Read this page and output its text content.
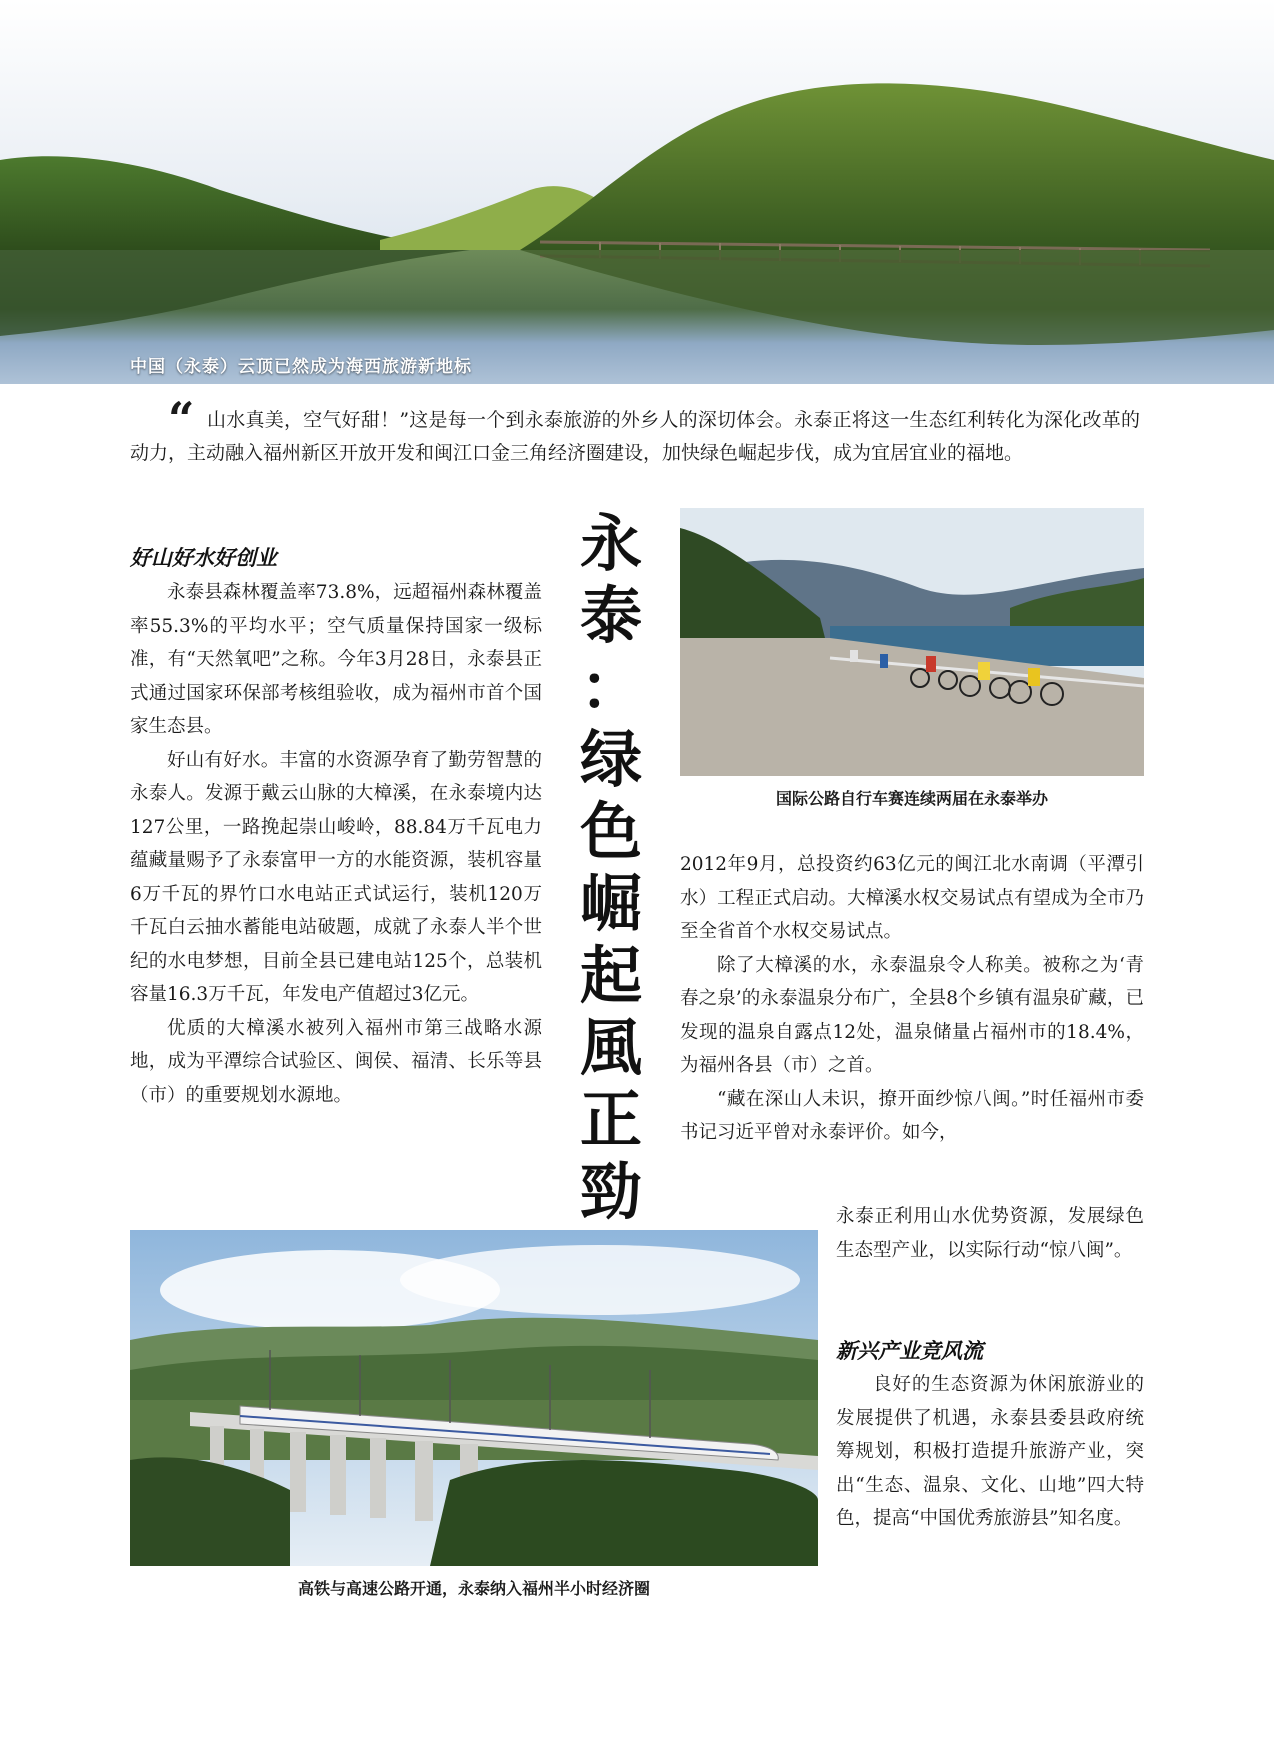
中国（永泰）云顶已然成为海西旅游新地标
“ 山水真美，空气好甜！”这是每一个到永泰旅游的外乡人的深切体会。永泰正将这一生态红利转化为深化改革的动力，主动融入福州新区开放开发和闽江口金三角经济圈建设，加快绿色崛起步伐，成为宜居宜业的福地。

永
泰
：
绿
色
崛
起
風
正
勁
好山好水好创业

永泰县森林覆盖率73.8%，远超福州森林覆盖率55.3%的平均水平；空气质量保持国家一级标准，有“天然氧吧”之称。今年3月28日，永泰县正式通过国家环保部考核组验收，成为福州市首个国家生态县。

好山有好水。丰富的水资源孕育了勤劳智慧的永泰人。发源于戴云山脉的大樟溪，在永泰境内达127公里，一路挽起崇山峻岭，88.84万千瓦电力蕴藏量赐予了永泰富甲一方的水能资源，装机容量6万千瓦的界竹口水电站正式试运行，装机120万千瓦白云抽水蓄能电站破题，成就了永泰人半个世纪的水电梦想，目前全县已建电站125个，总装机容量16.3万千瓦，年发电产值超过3亿元。

优质的大樟溪水被列入福州市第三战略水源地，成为平潭综合试验区、闽侯、福清、长乐等县（市）的重要规划水源地。

国际公路自行车赛连续两届在永泰举办

2012年9月，总投资约63亿元的闽江北水南调（平潭引水）工程正式启动。大樟溪水权交易试点有望成为全市乃至全省首个水权交易试点。

除了大樟溪的水，永泰温泉令人称美。被称之为‘青春之泉’的永泰温泉分布广，全县8个乡镇有温泉矿藏，已发现的温泉自露点12处，温泉储量占福州市的18.4%，为福州各县（市）之首。

“藏在深山人未识，撩开面纱惊八闽。”时任福州市委书记习近平曾对永泰评价。如今，

永泰正利用山水优势资源，发展绿色生态型产业，以实际行动“惊八闽”。

高铁与高速公路开通，永泰纳入福州半小时经济圈
新兴产业竞风流

良好的生态资源为休闲旅游业的发展提供了机遇，永泰县委县政府统筹规划，积极打造提升旅游产业，突出“生态、温泉、文化、山地”四大特色，提高“中国优秀旅游县”知名度。
